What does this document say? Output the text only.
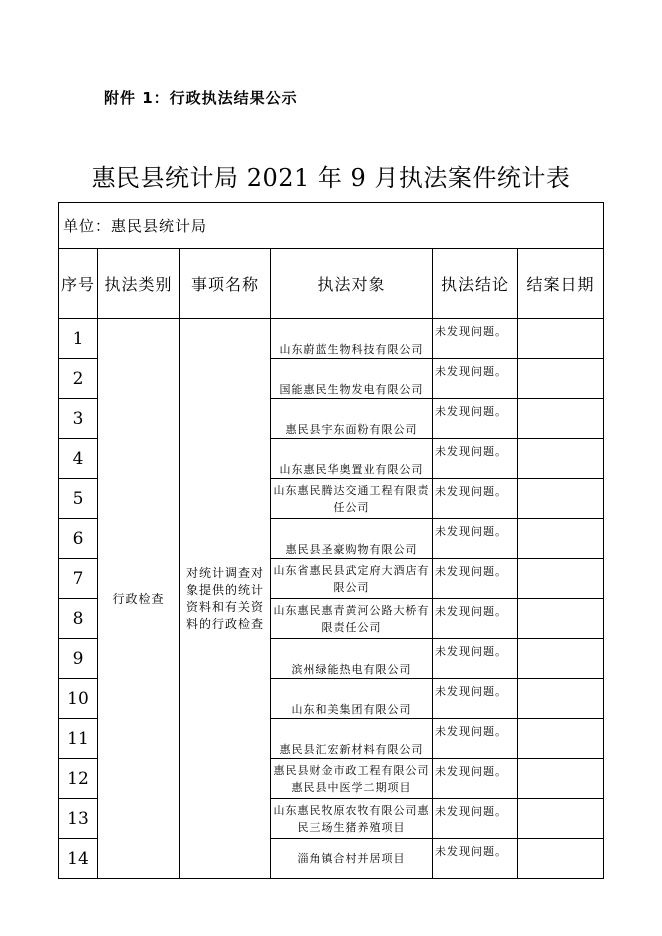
附件 1：行政执法结果公示
惠民县统计局 2021 年 9 月执法案件统计表
单位：惠民县统计局					
序号	执法类别	事项名称	执法对象	执法结论	结案日期
1	行政检查	对统计调查对象提供的统计资料和有关资料的行政检查	山东蔚蓝生物科技有限公司	未发现问题。	
2			国能惠民生物发电有限公司	未发现问题。	
3			惠民县宇东面粉有限公司	未发现问题。	
4			山东惠民华奥置业有限公司	未发现问题。	
5			山东惠民腾达交通工程有限责任公司	未发现问题。	
6			惠民县圣豪购物有限公司	未发现问题。	
7			山东省惠民县武定府大酒店有限公司	未发现问题。	
8			山东惠民惠青黄河公路大桥有限责任公司	未发现问题。	
9			滨州绿能热电有限公司	未发现问题。	
10			山东和美集团有限公司	未发现问题。	
11			惠民县汇宏新材料有限公司	未发现问题。	
12			惠民县财金市政工程有限公司惠民县中医学二期项目	未发现问题。	
13			山东惠民牧原农牧有限公司惠民三场生猪养殖项目	未发现问题。	
14			淄角镇合村并居项目	未发现问题。	
